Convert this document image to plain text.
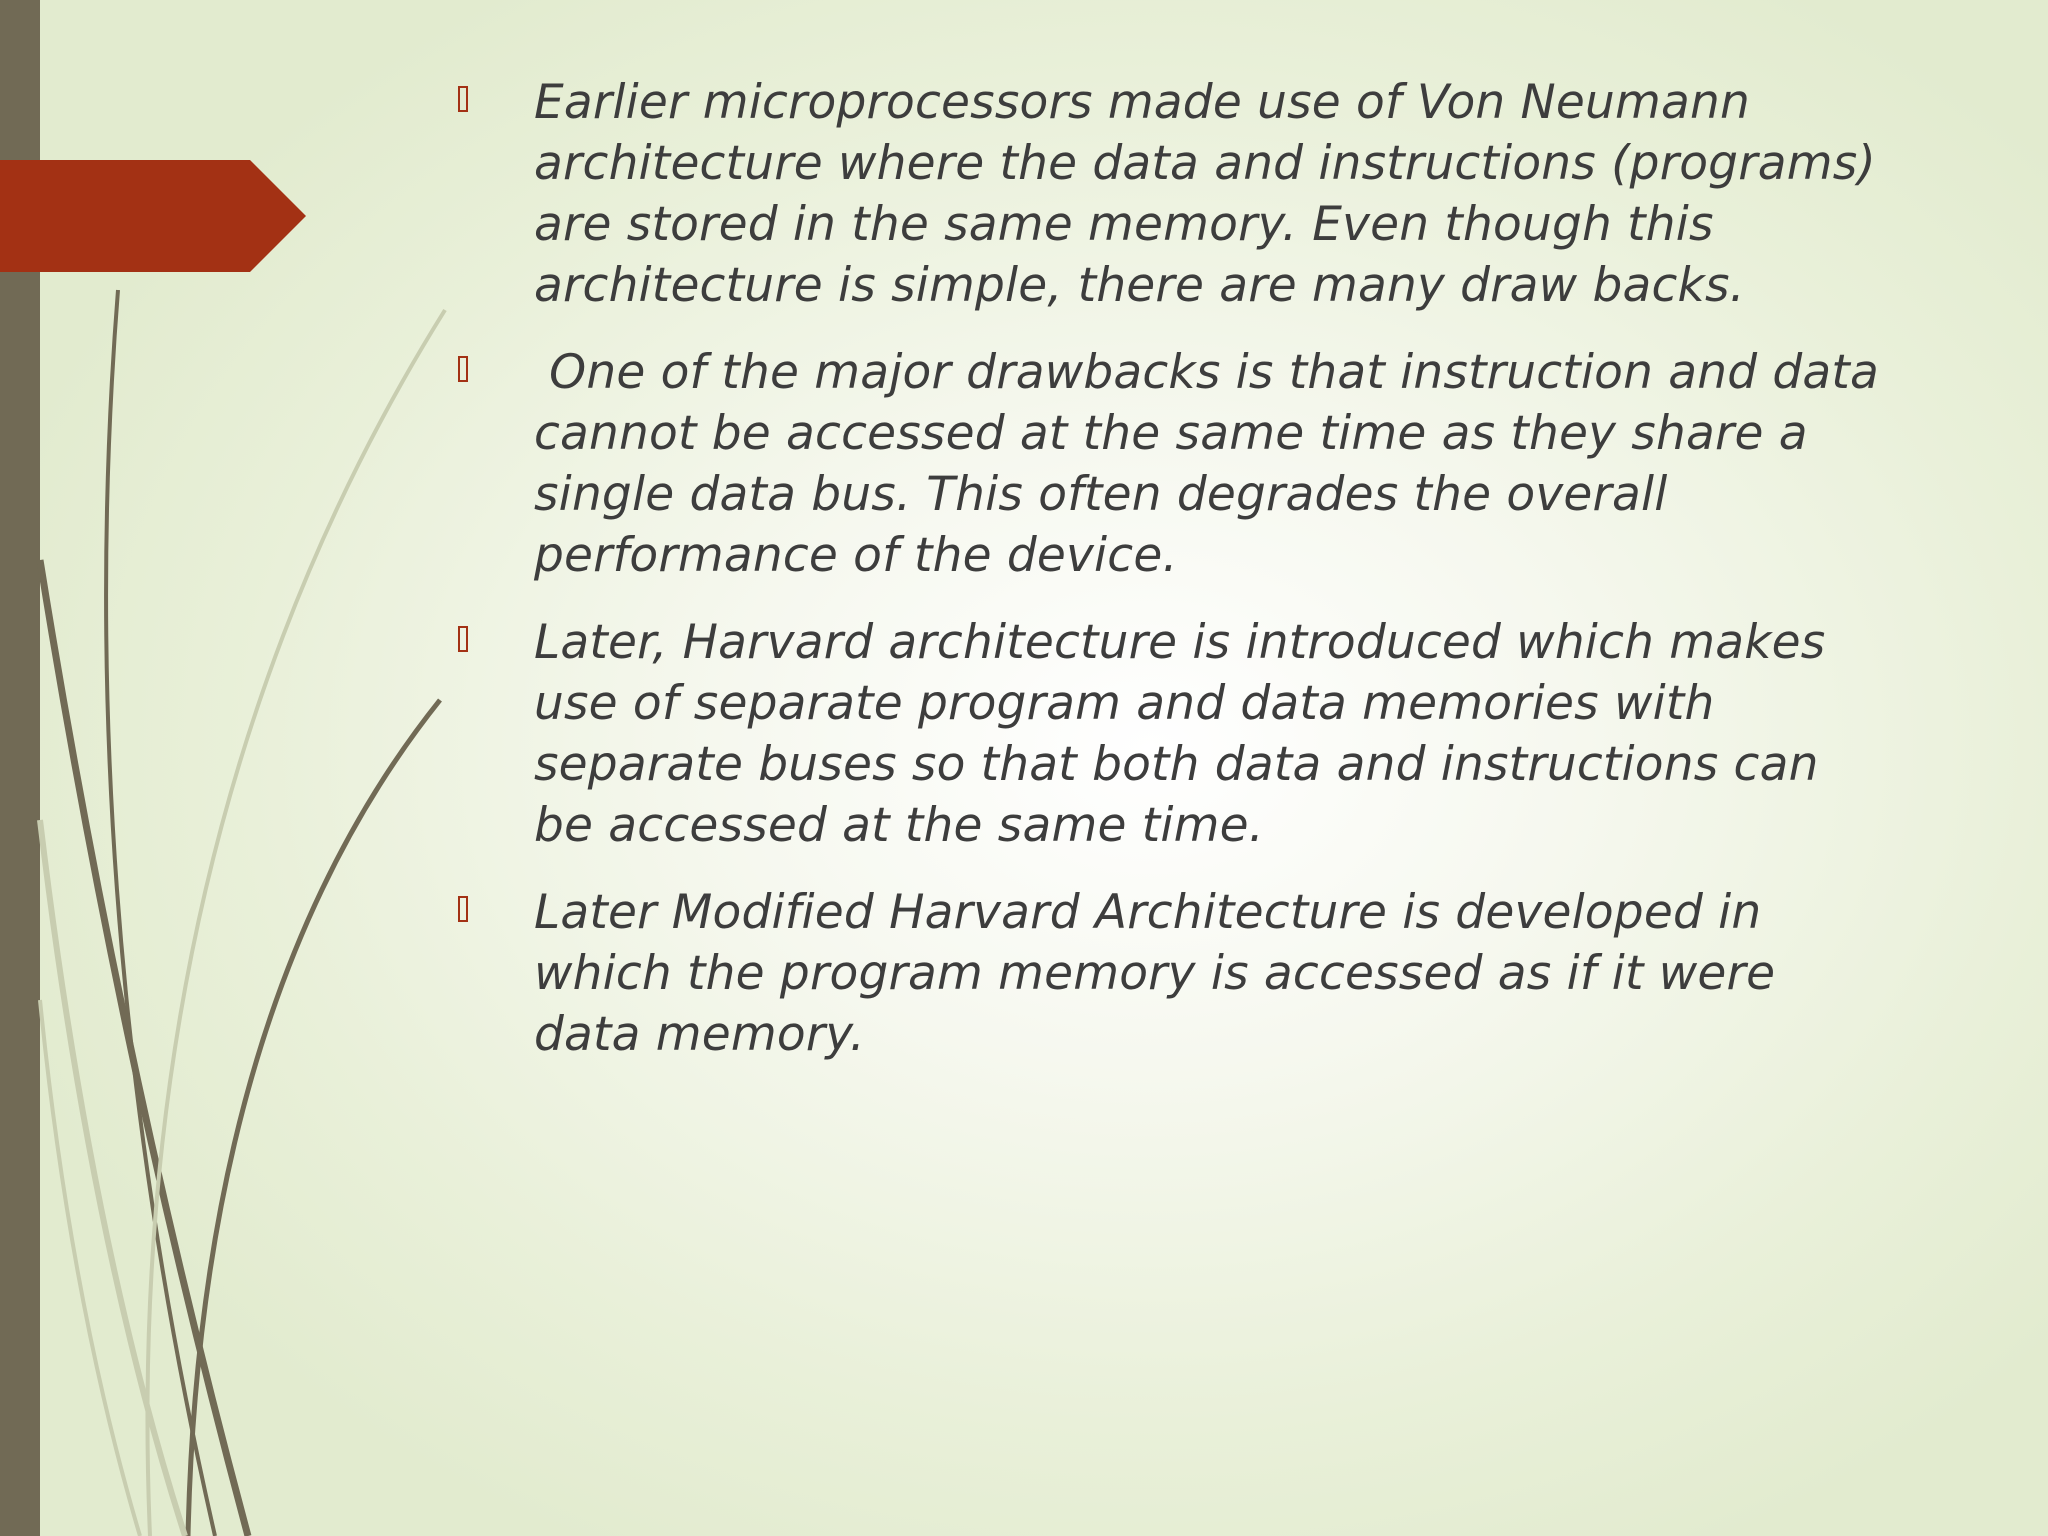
Earlier microprocessors made use of Von Neumann architecture where the data and instructions (programs) are stored in the same memory. Even though this architecture is simple, there are many draw backs.
One of the major drawbacks is that instruction and data cannot be accessed at the same time as they share a single data bus. This often degrades the overall performance of the device.
Later, Harvard architecture is introduced which makes use of separate program and data memories with separate buses so that both data and instructions can be accessed at the same time.
Later Modified Harvard Architecture is developed in which the program memory is accessed as if it were data memory.
